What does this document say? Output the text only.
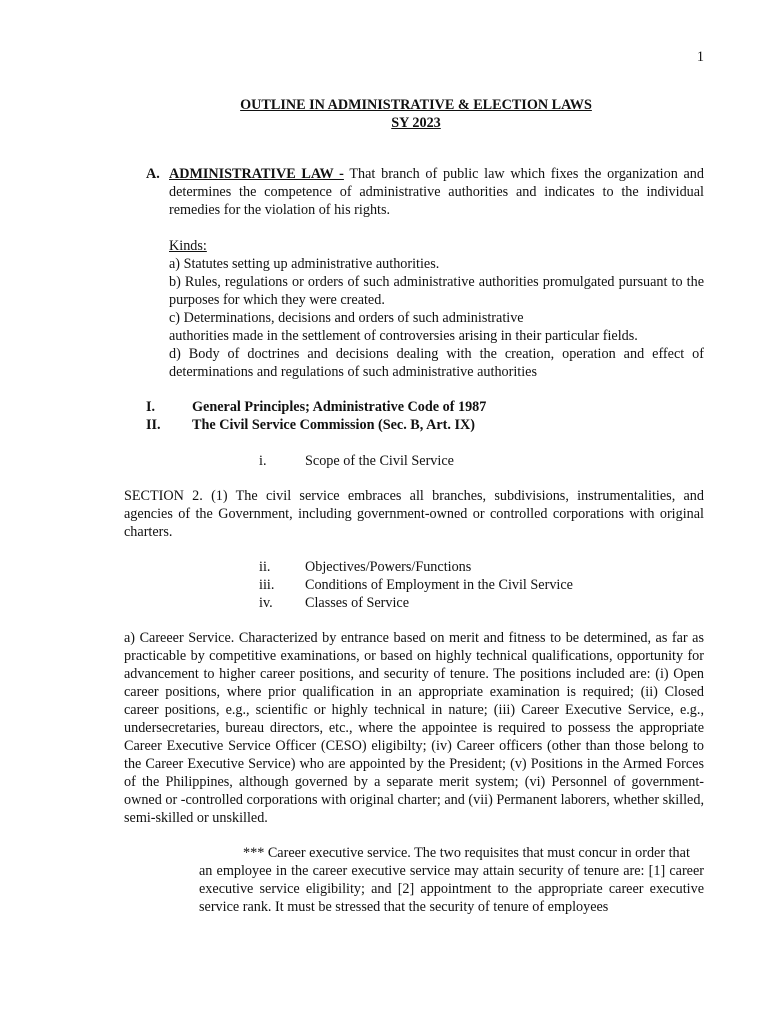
1
OUTLINE IN ADMINISTRATIVE & ELECTION LAWS
SY 2023
A. ADMINISTRATIVE LAW - That branch of public law which fixes the organization and determines the competence of administrative authorities and indicates to the individual remedies for the violation of his rights.
Kinds:
a) Statutes setting up administrative authorities.
b) Rules, regulations or orders of such administrative authorities promulgated pursuant to the purposes for which they were created.
c) Determinations, decisions and orders of such administrative
authorities made in the settlement of controversies arising in their particular fields.
d) Body of doctrines and decisions dealing with the creation, operation and effect of determinations and regulations of such administrative authorities
I.	General Principles; Administrative Code of 1987
II. The Civil Service Commission (Sec. B, Art. IX)
i.	Scope of the Civil Service
SECTION 2. (1) The civil service embraces all branches, subdivisions, instrumentalities, and agencies of the Government, including government-owned or controlled corporations with original charters.
ii. Objectives/Powers/Functions
iii. Conditions of Employment in the Civil Service
iv. Classes of Service
a) Careeer Service. Characterized by entrance based on merit and fitness to be determined, as far as practicable by competitive examinations, or based on highly technical qualifications, opportunity for advancement to higher career positions, and security of tenure. The positions included are: (i) Open career positions, where prior qualification in an appropriate examination is required; (ii) Closed career positions, e.g., scientific or highly technical in nature; (iii) Career Executive Service, e.g., undersecretaries, bureau directors, etc., where the appointee is required to possess the appropriate Career Executive Service Officer (CESO) eligibilty; (iv) Career officers (other than those belong to the Career Executive Service) who are appointed by the President; (v) Positions in the Armed Forces of the Philippines, although governed by a separate merit system; (vi) Personnel of government-owned or -controlled corporations with original charter; and (vii) Permanent laborers, whether skilled, semi-skilled or unskilled.
*** Career executive service. The two requisites that must concur in order that
an employee in the career executive service may attain security of tenure are: [1] career executive service eligibility; and [2] appointment to the appropriate career executive service rank. It must be stressed that the security of tenure of employees
